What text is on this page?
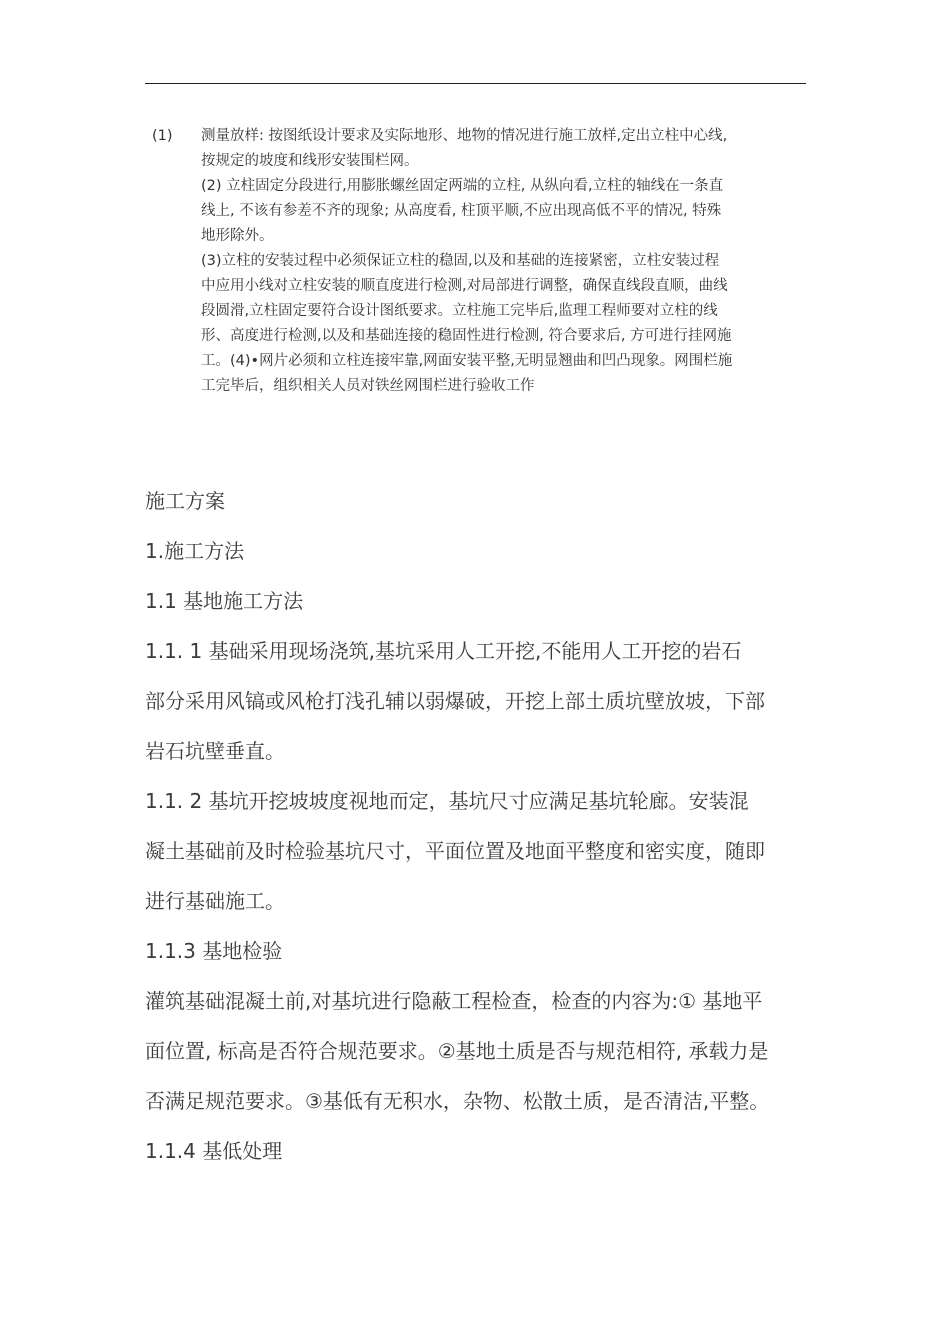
(1)	测量放样: 按图纸设计要求及实际地形、地物的情况进行施工放样,定出立柱中心线,
按规定的坡度和线形安装围栏网。
(2) 立柱固定分段进行,用膨胀螺丝固定两端的立柱, 从纵向看,立柱的轴线在一条直
线上, 不该有参差不齐的现象; 从高度看, 柱顶平顺,不应出现高低不平的情况, 特殊
地形除外。
(3)立柱的安装过程中必须保证立柱的稳固,以及和基础的连接紧密，立柱安装过程
中应用小线对立柱安装的顺直度进行检测,对局部进行调整，确保直线段直顺，曲线
段圆滑,立柱固定要符合设计图纸要求。立柱施工完毕后,监理工程师要对立柱的线
形、高度进行检测,以及和基础连接的稳固性进行检测, 符合要求后, 方可进行挂网施
工。(4)•网片必须和立柱连接牢靠,网面安装平整,无明显翘曲和凹凸现象。网围栏施
工完毕后，组织相关人员对铁丝网围栏进行验收工作
施工方案
1.施工方法
1.1 基地施工方法
1.1. 1 基础采用现场浇筑,基坑采用人工开挖,不能用人工开挖的岩石
部分采用风镐或风枪打浅孔辅以弱爆破，开挖上部土质坑壁放坡，下部
岩石坑壁垂直。
1.1. 2 基坑开挖坡坡度视地而定，基坑尺寸应满足基坑轮廊。安装混
凝土基础前及时检验基坑尺寸，平面位置及地面平整度和密实度，随即
进行基础施工。
1.1.3 基地检验
灌筑基础混凝土前,对基坑进行隐蔽工程检查，检查的内容为:① 基地平
面位置, 标高是否符合规范要求。②基地土质是否与规范相符, 承载力是
否满足规范要求。③基低有无积水，杂物、松散土质，是否清洁,平整。
1.1.4 基低处理
